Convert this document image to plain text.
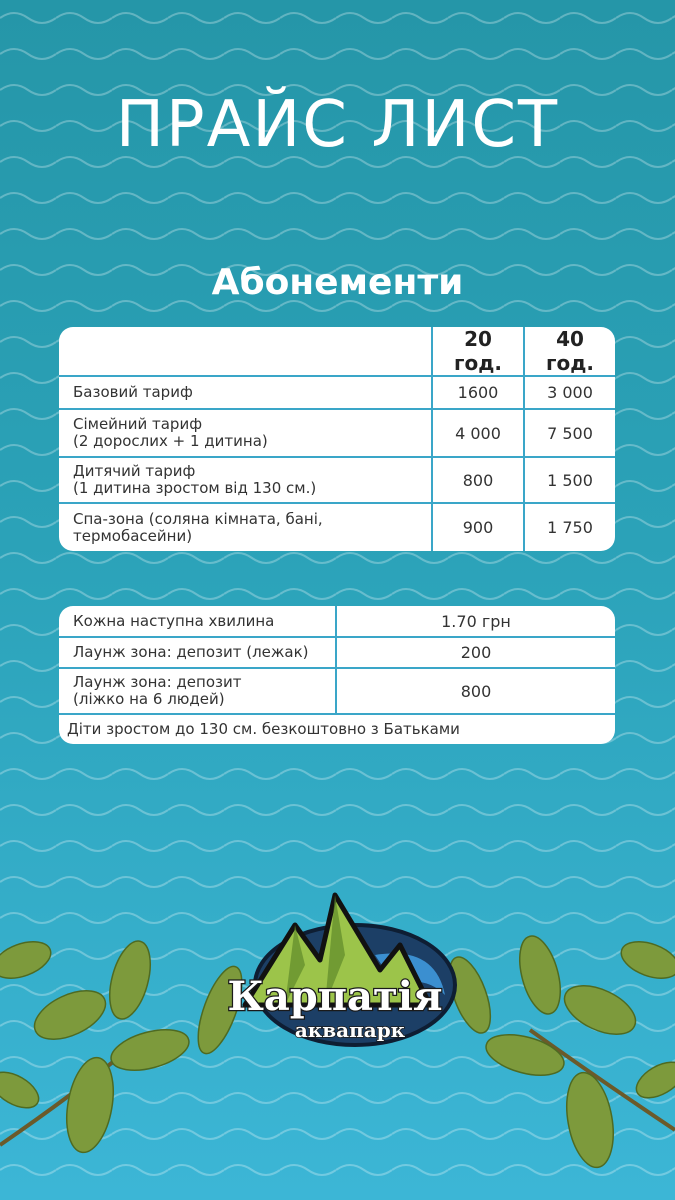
ПРАЙС ЛИСТ
Абонементи
	20 год.	40 год.
Базовий тариф	1600	3 000
Сімейний тариф
(2 дорослих + 1 дитина)	4 000	7 500
Дитячий тариф
(1 дитина зростом від 130 см.)	800	1 500
Спа-зона (соляна кімната, бані,
термобасейни)	900	1 750
Кожна наступна хвилина	1.70 грн
Лаунж зона: депозит (лежак)	200
Лаунж зона: депозит
(ліжко на 6 людей)	800
Діти зростом до 130 см. безкоштовно з Батьками	
Карпатія
аквапарк
